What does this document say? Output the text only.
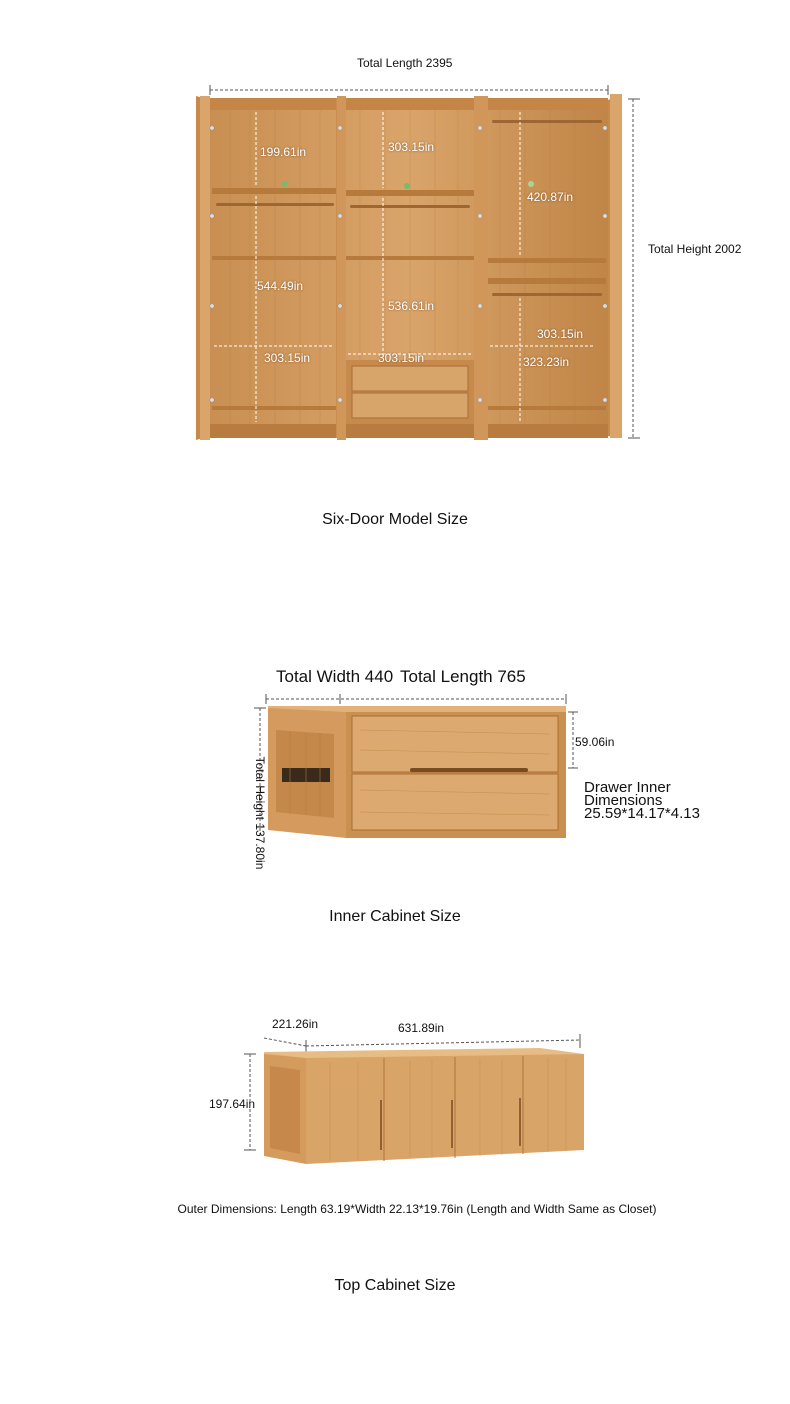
Total Length 2395
199.61in
544.49in
303.15in
303.15in
536.61in
303.15in
420.87in
303.15in
323.23in
Total Height 2002
Six-Door Model Size
Total Width 440 Total Length 765
Total Height 137.80in
59.06in
Drawer Inner
Dimensions
25.59*14.17*4.13
Inner Cabinet Size
221.26in	631.89in
197.64in
Outer Dimensions: Length 63.19*Width 22.13*19.76in (Length and Width Same as Closet)
Top Cabinet Size
